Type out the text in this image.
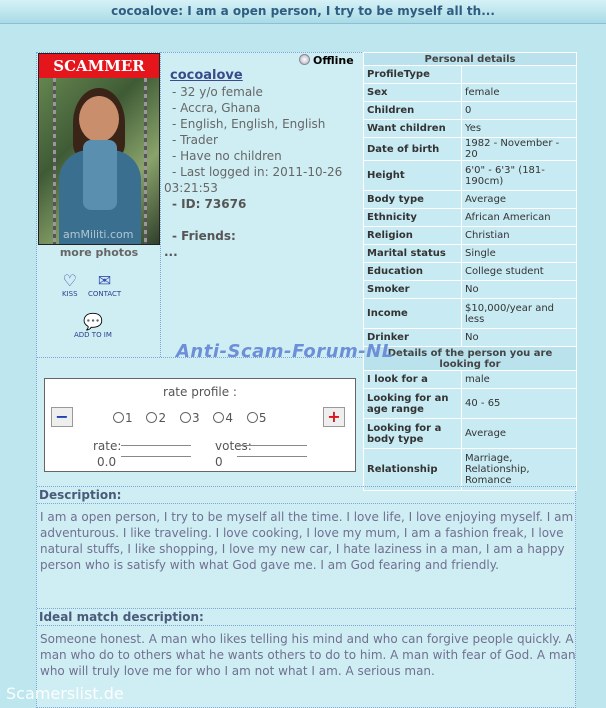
cocoalove: I am a open person, I try to be myself all th...
SCAMMER
amMiliti.com
more photos
♡
KISS
✉
CONTACT
💬
ADD TO IM
Offline
cocoalove
- 32 y/o female
- Accra, Ghana
- English, English, English
- Trader
- Have no children
- Last logged in: 2011-10-26
03:21:53
- ID: 73676
- Friends:
...
Personal details	
ProfileType	
Sex	female
Children	0
Want children	Yes
Date of birth	1982 - November - 20
Height	6'0" - 6'3" (181-190cm)
Body type	Average
Ethnicity	African American
Religion	Christian
Marital status	Single
Education	College student
Smoker	No
Income	$10,000/year and less
Drinker	No
Details of the person you are looking for	
I look for a	male
Looking for an age range	40 - 65
Looking for a body type	Average
Relationship	Marriage, Relationship, Romance
Anti-Scam-Forum-NL
rate profile :
−	1 2 3 4 5	+
rate:
0.0
votes:
0
Description:
I am a open person, I try to be myself all the time. I love life, I love enjoying myself. I am adventurous. I like traveling. I love cooking, I love my mum, I am a fashion freak, I love natural stuffs, I like shopping, I love my new car, I hate laziness in a man, I am a happy person who is satisfy with what God gave me. I am God fearing and friendly.
Ideal match description:
Someone honest. A man who likes telling his mind and who can forgive people quickly. A man who do to others what he wants others to do to him. A man with fear of God. A man who will truly love me for who I am not what I am. A serious man.
Scamerslist.de
